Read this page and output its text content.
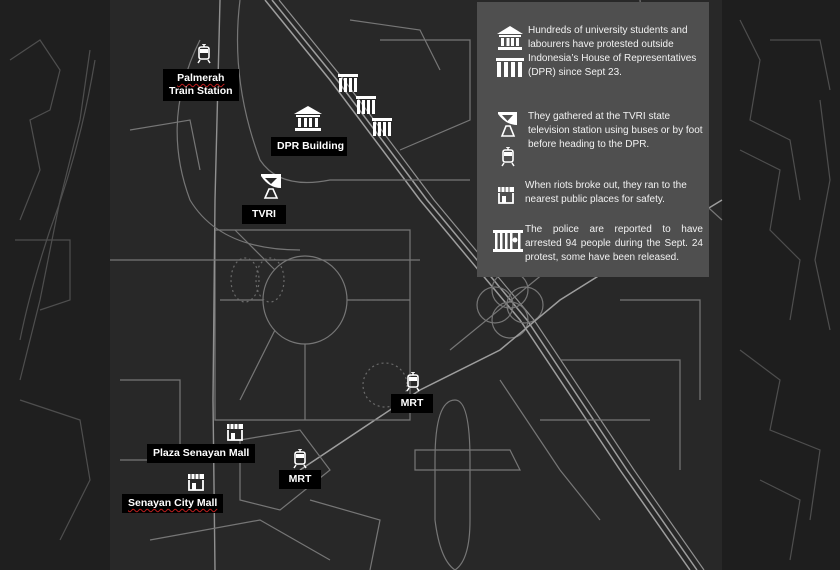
Palmerah
Train Station
DPR Building
TVRI
MRT
MRT
Plaza Senayan Mall
Senayan City Mall
Hundreds of university students and labourers have protested outside Indonesia’s House of Representatives (DPR) since Sept 23.
They gathered at the TVRI state television station using buses or by foot before heading to the DPR.
When riots broke out, they ran to the nearest public places for safety.
The police are reported to have arrested 94 people during the Sept. 24 protest, some have been released.
